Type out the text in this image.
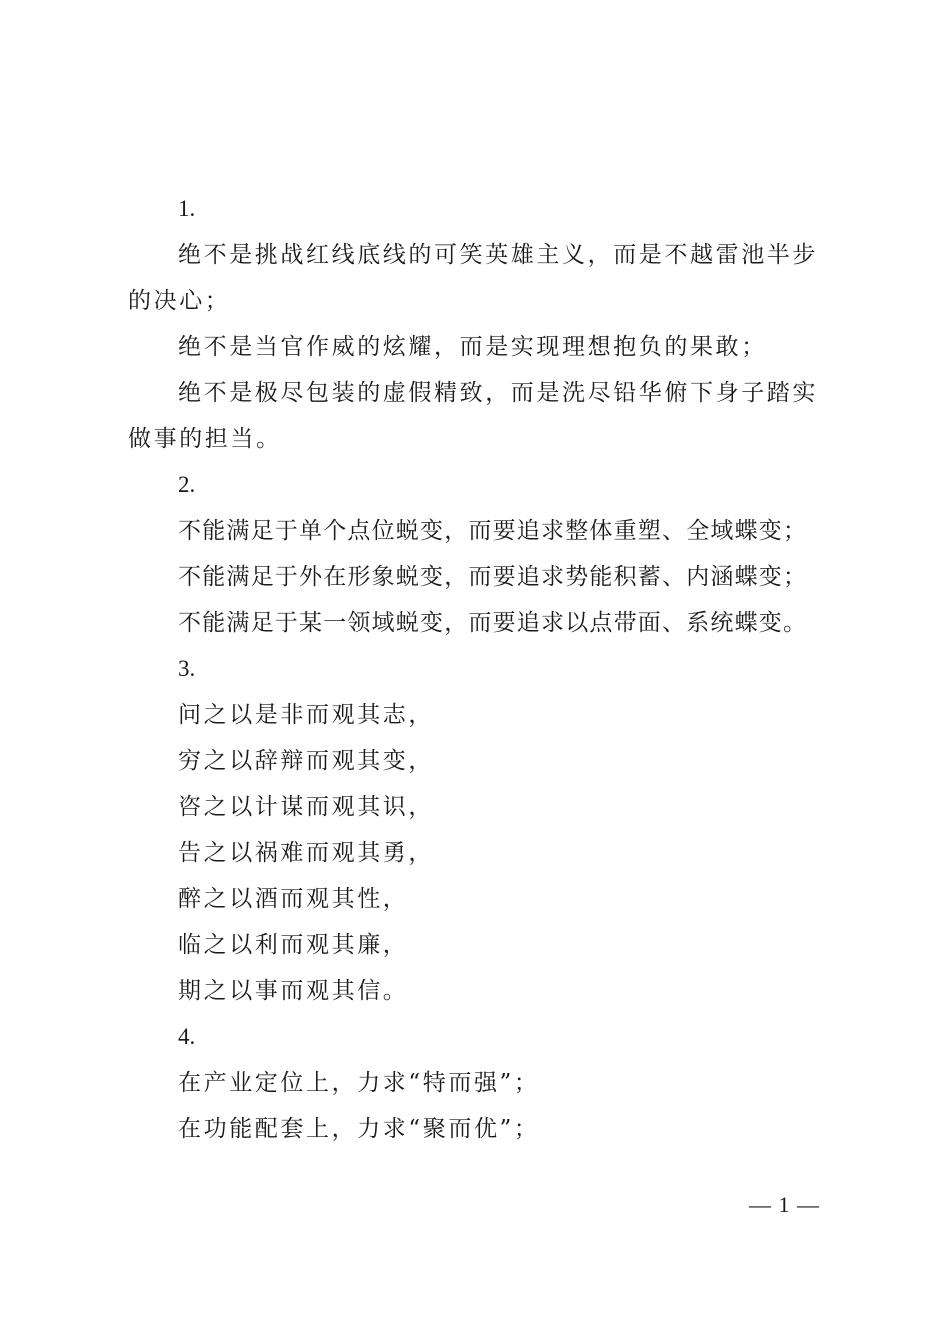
1.

绝不是挑战红线底线的可笑英雄主义，而是不越雷池半步的决心；

绝不是当官作威的炫耀，而是实现理想抱负的果敢；

绝不是极尽包装的虚假精致，而是洗尽铅华俯下身子踏实做事的担当。

2.

不能满足于单个点位蜕变，而要追求整体重塑、全域蝶变；

不能满足于外在形象蜕变，而要追求势能积蓄、内涵蝶变；

不能满足于某一领域蜕变，而要追求以点带面、系统蝶变。

3.

问之以是非而观其志，

穷之以辞辩而观其变，

咨之以计谋而观其识，

告之以祸难而观其勇，

醉之以酒而观其性，

临之以利而观其廉，

期之以事而观其信。

4.

在产业定位上，力求“特而强”；

在功能配套上，力求“聚而优”；

— 1 —
